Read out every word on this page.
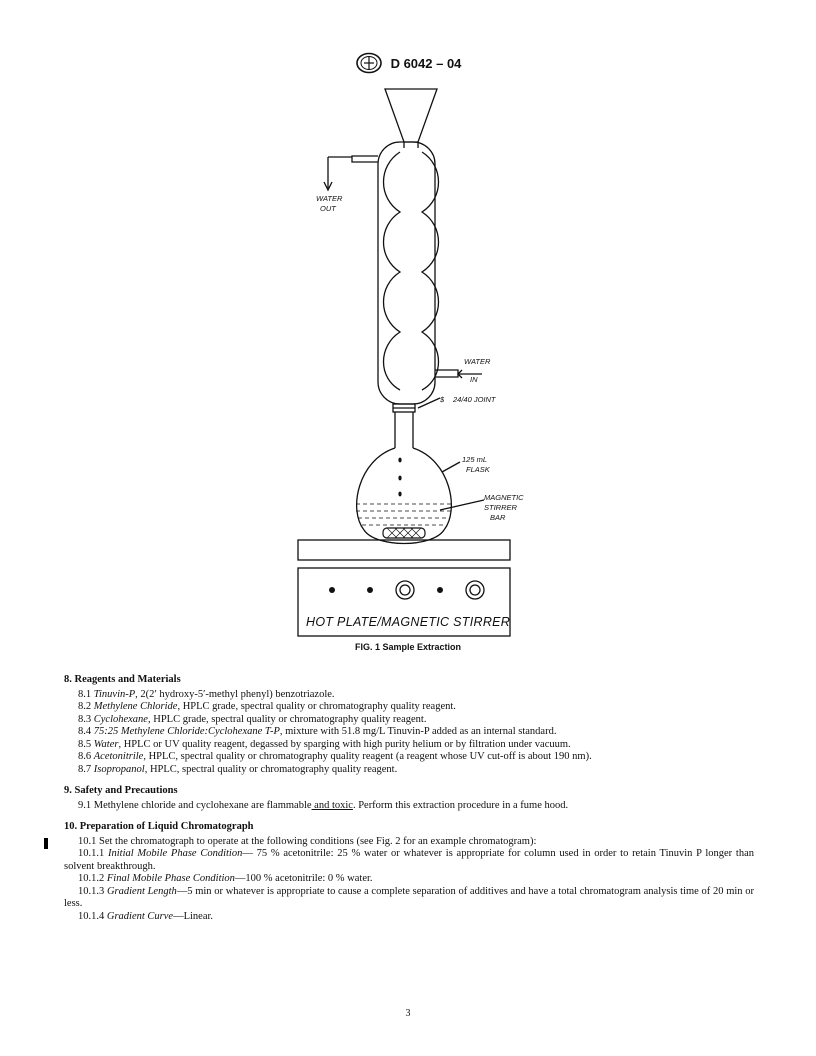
D 6042 – 04
WATER
OUT
WATER
IN
$ 24/40 JOINT
125 mL
FLASK
MAGNETIC
STIRRER
BAR
HOT PLATE/MAGNETIC STIRRER
FIG. 1 Sample Extraction
8. Reagents and Materials
8.1 Tinuvin-P, 2(2′ hydroxy-5′-methyl phenyl) benzotriazole.
8.2 Methylene Chloride, HPLC grade, spectral quality or chromatography quality reagent.
8.3 Cyclohexane, HPLC grade, spectral quality or chromatography quality reagent.
8.4 75:25 Methylene Chloride:Cyclohexane T-P, mixture with 51.8 mg/L Tinuvin-P added as an internal standard.
8.5 Water, HPLC or UV quality reagent, degassed by sparging with high purity helium or by filtration under vacuum.
8.6 Acetonitrile, HPLC, spectral quality or chromatography quality reagent (a reagent whose UV cut-off is about 190 nm).
8.7 Isopropanol, HPLC, spectral quality or chromatography quality reagent.
9. Safety and Precautions
9.1 Methylene chloride and cyclohexane are flammable and toxic. Perform this extraction procedure in a fume hood.
10. Preparation of Liquid Chromatograph
10.1 Set the chromatograph to operate at the following conditions (see Fig. 2 for an example chromatogram):
10.1.1 Initial Mobile Phase Condition— 75 % acetonitrile: 25 % water or whatever is appropriate for column used in order to retain Tinuvin P longer than solvent breakthrough.
10.1.2 Final Mobile Phase Condition—100 % acetonitrile: 0 % water.
10.1.3 Gradient Length—5 min or whatever is appropriate to cause a complete separation of additives and have a total chromatogram analysis time of 20 min or less.
10.1.4 Gradient Curve—Linear.
3
